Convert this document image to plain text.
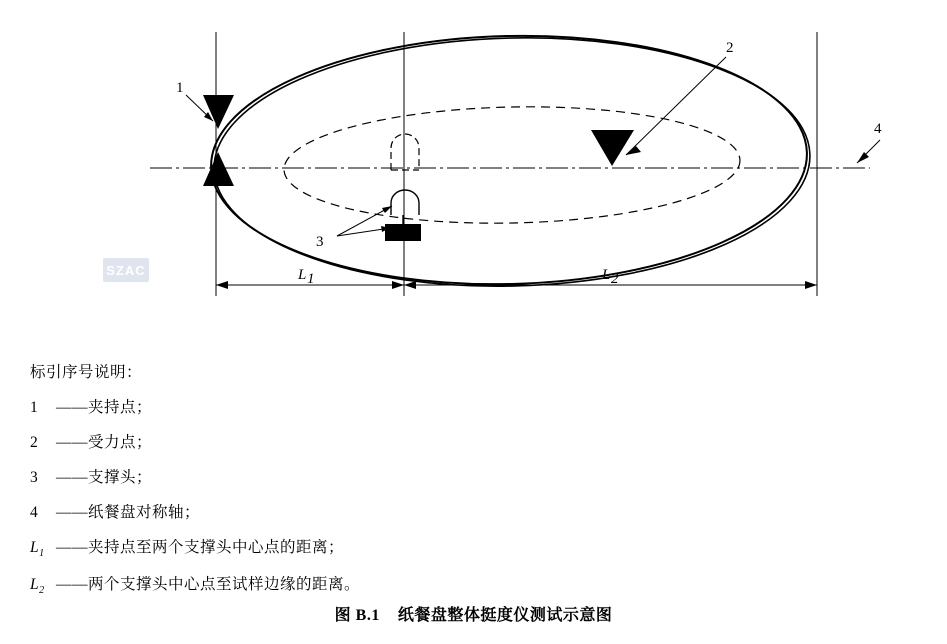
1
2
3
4
L 1	L 2
SZAC
标引序号说明：
1	—— 夹持点；
2	—— 受力点；
3	—— 支撑头；
4	—— 纸餐盘对称轴；
$L_1$ —— 夹持点至两个支撑头中心点的距离；
$L_2$ —— 两个支撑头中心点至试样边缘的距离。
图 B.1 纸餐盘整体挺度仪测试示意图
